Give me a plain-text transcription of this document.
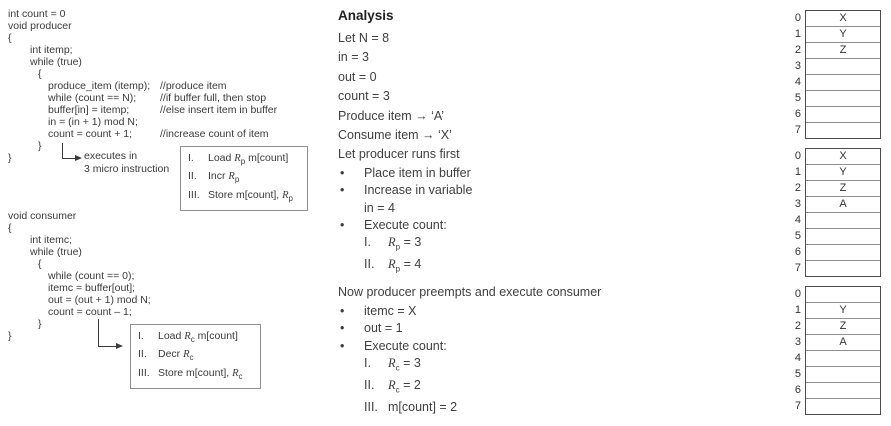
int count = 0
void producer
{
int itemp;
while (true)
{
produce_item (itemp); //produce item
while (count == N);	//if buffer full, then stop
buffer[in] = itemp;	//else insert item in buffer
in = (in + 1) mod N;
count = count + 1;	//increase count of item
}
}	executes in
3 micro instruction
I. Load $R_p$ m[count]
II. Incr $R_p$
III. Store m[count], $R_p$
void consumer
{
int itemc;
while (true)
{
while (count == 0);
itemc = buffer[out];
out = (out + 1) mod N;
count = count – 1;
}
}	I. Load $R_c$ m[count]
II. Decr $R_c$
III. Store m[count], $R_c$
Analysis
Let N = 8
in = 3
out = 0
count = 3
Produce item → ‘A’
Consume item → ‘X’
Let producer runs first
•	Place item in buffer
•	Increase in variable
in = 4
•	Execute count:
I. $R_p = 3$
II. $R_p = 4$
Now producer preempts and execute consumer
•	itemc = X
•	out = 1
•	Execute count:
I. $R_c = 3$
II. $R_c = 2$
III. m[count] = 2
0	X
1	Y
2	Z
3
4
5
6
7
0	X
1	Y
2	Z
3	A
4
5
6
7
0
1	Y
2	Z
3	A
4
5
6
7
